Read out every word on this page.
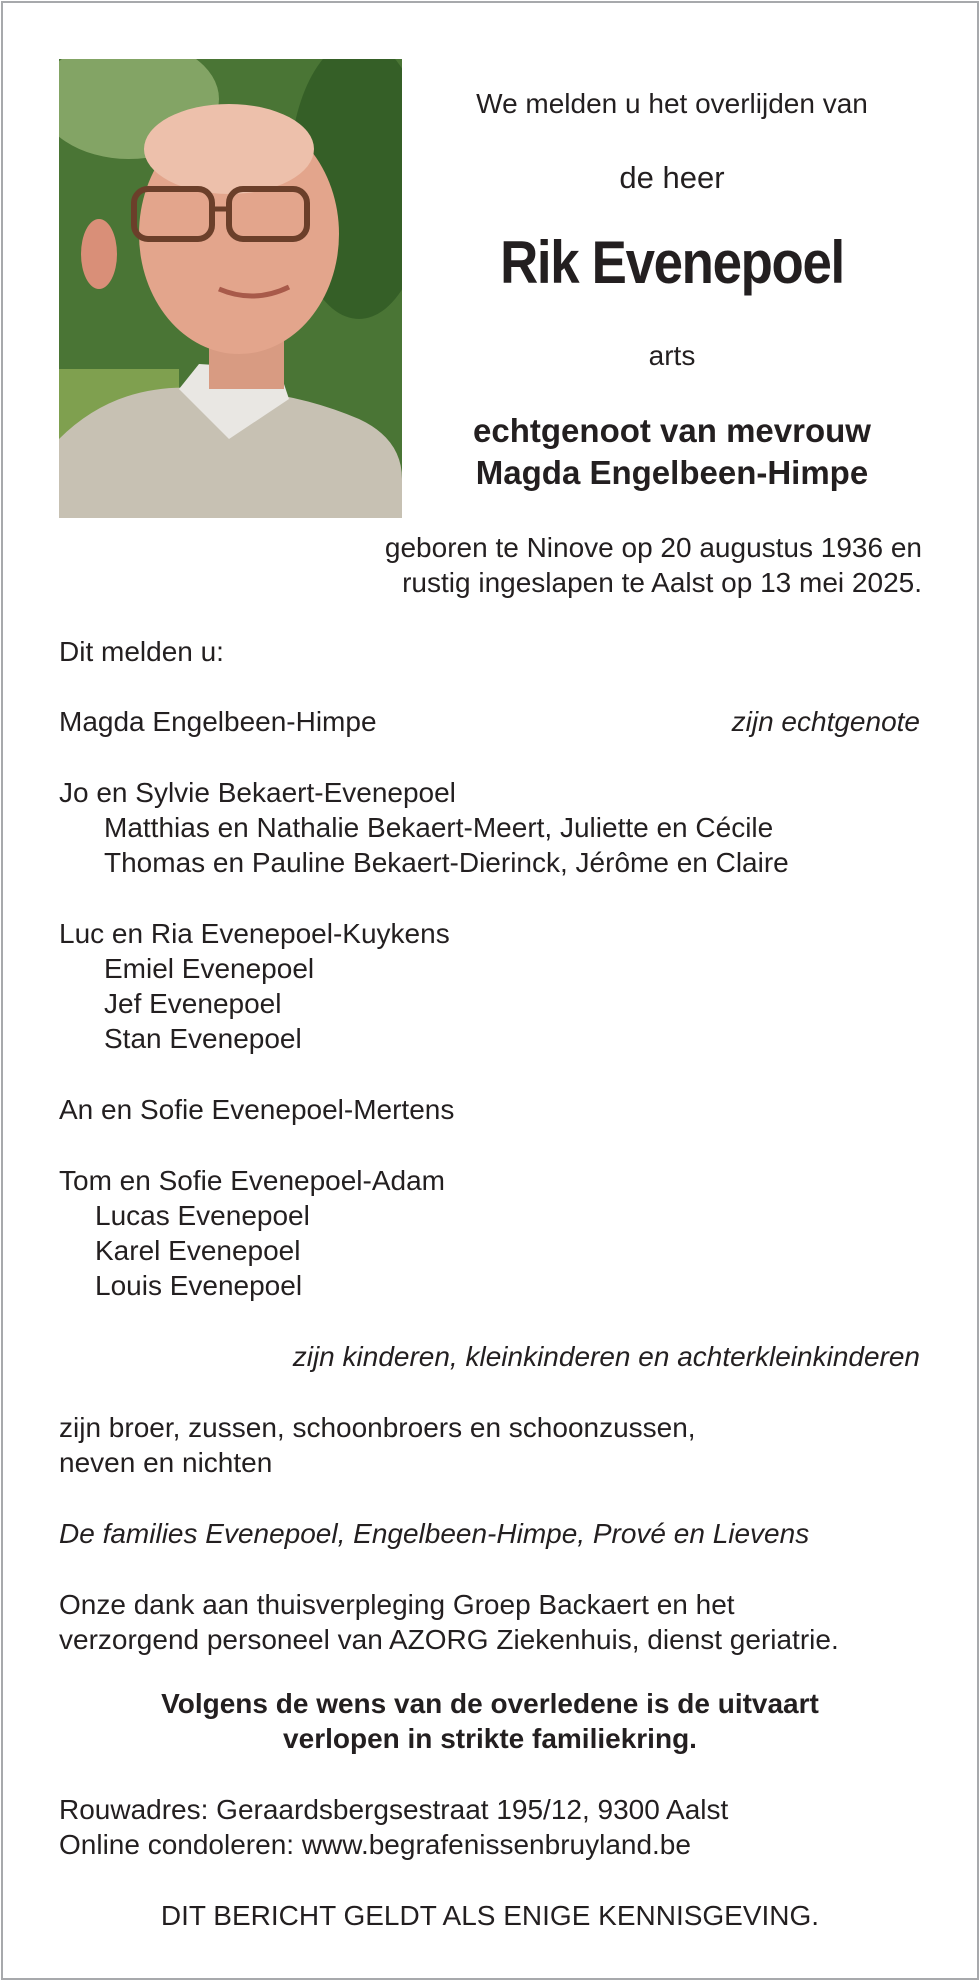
We melden u het overlijden van
de heer
Rik Evenepoel
arts
echtgenoot van mevrouw
Magda Engelbeen-Himpe
geboren te Ninove op 20 augustus 1936 en
rustig ingeslapen te Aalst op 13 mei 2025.
Dit melden u:
Magda Engelbeen-Himpe	zijn echtgenote
Jo en Sylvie Bekaert-Evenepoel
Matthias en Nathalie Bekaert-Meert, Juliette en Cécile
Thomas en Pauline Bekaert-Dierinck, Jérôme en Claire
Luc en Ria Evenepoel-Kuykens
Emiel Evenepoel
Jef Evenepoel
Stan Evenepoel
An en Sofie Evenepoel-Mertens
Tom en Sofie Evenepoel-Adam
Lucas Evenepoel
Karel Evenepoel
Louis Evenepoel
zijn kinderen, kleinkinderen en achterkleinkinderen
zijn broer, zussen, schoonbroers en schoonzussen,
neven en nichten
De families Evenepoel, Engelbeen-Himpe, Prové en Lievens
Onze dank aan thuisverpleging Groep Backaert en het
verzorgend personeel van AZORG Ziekenhuis, dienst geriatrie.
Volgens de wens van de overledene is de uitvaart
verlopen in strikte familiekring.
Rouwadres: Geraardsbergsestraat 195/12, 9300 Aalst
Online condoleren: www.begrafenissenbruyland.be
DIT BERICHT GELDT ALS ENIGE KENNISGEVING.
